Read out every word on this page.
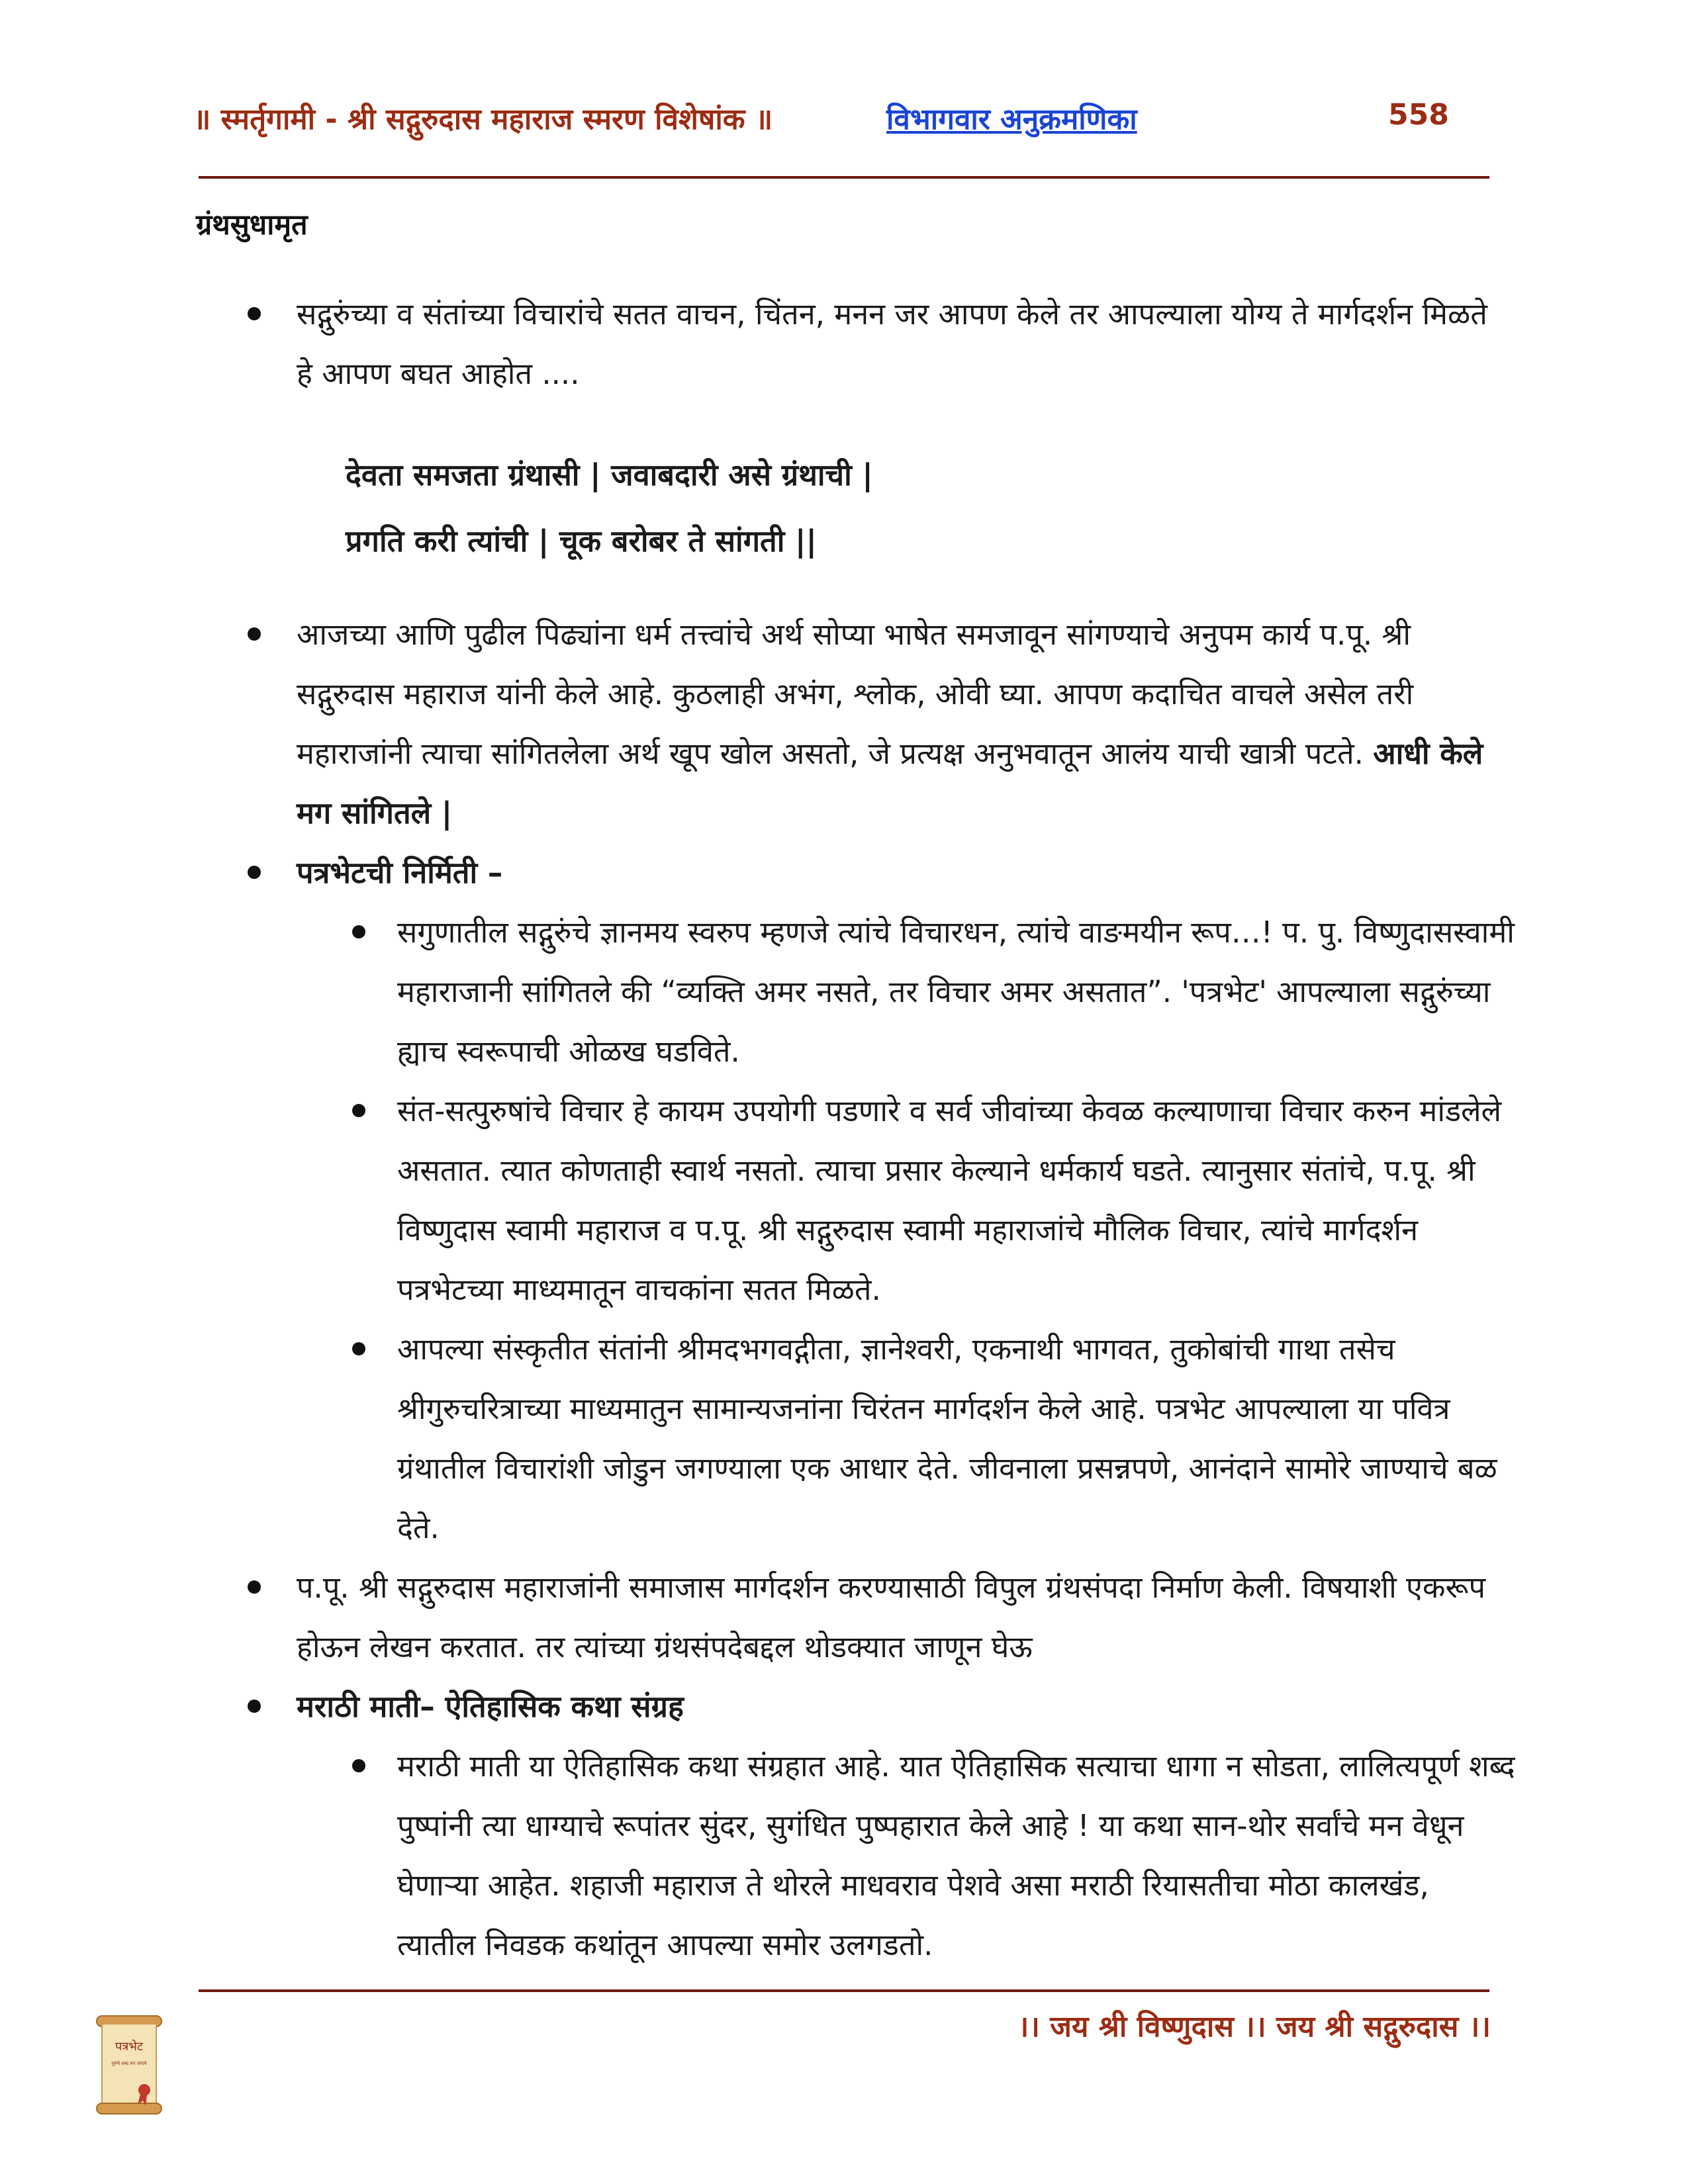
॥ स्मर्तृगामी - श्री सद्गुरुदास महाराज स्मरण विशेषांक ॥	विभागवार अनुक्रमणिका	558
ग्रंथसुधामृत

सद्गुरुंच्या व संतांच्या विचारांचे सतत वाचन, चिंतन, मनन जर आपण केले तर आपल्याला योग्य ते मार्गदर्शन मिळते हे आपण बघत आहोत ....

देवता समजता ग्रंथासी | जवाबदारी असे ग्रंथाची |
प्रगति करी त्यांची | चूक बरोबर ते सांगती ||

आजच्या आणि पुढील पिढ्यांना धर्म तत्त्वांचे अर्थ सोप्या भाषेत समजावून सांगण्याचे अनुपम कार्य प.पू. श्री सद्गुरुदास महाराज यांनी केले आहे. कुठलाही अभंग, श्लोक, ओवी घ्या. आपण कदाचित वाचले असेल तरी महाराजांनी त्याचा सांगितलेला अर्थ खूप खोल असतो, जे प्रत्यक्ष अनुभवातून आलंय याची खात्री पटते. आधी केले मग सांगितले |

पत्रभेटची निर्मिती –

सगुणातील सद्गुरुंचे ज्ञानमय स्वरुप म्हणजे त्यांचे विचारधन, त्यांचे वाङमयीन रूप…! प. पु. विष्णुदासस्वामी महाराजानी सांगितले की “व्यक्ति अमर नसते, तर विचार अमर असतात”. 'पत्रभेट' आपल्याला सद्गुरुंच्या ह्याच स्वरूपाची ओळख घडविते.

संत-सत्पुरुषांचे विचार हे कायम उपयोगी पडणारे व सर्व जीवांच्या केवळ कल्याणाचा विचार करुन मांडलेले असतात. त्यात कोणताही स्वार्थ नसतो. त्याचा प्रसार केल्याने धर्मकार्य घडते. त्यानुसार संतांचे, प.पू. श्री विष्णुदास स्वामी महाराज व प.पू. श्री सद्गुरुदास स्वामी महाराजांचे मौलिक विचार, त्यांचे मार्गदर्शन पत्रभेटच्या माध्यमातून वाचकांना सतत मिळते.

आपल्या संस्कृतीत संतांनी श्रीमदभगवद्गीता, ज्ञानेश्वरी, एकनाथी भागवत, तुकोबांची गाथा तसेच श्रीगुरुचरित्राच्या माध्यमातुन सामान्यजनांना चिरंतन मार्गदर्शन केले आहे. पत्रभेट आपल्याला या पवित्र ग्रंथातील विचारांशी जोडुन जगण्याला एक आधार देते. जीवनाला प्रसन्नपणे, आनंदाने सामोरे जाण्याचे बळ देते.

प.पू. श्री सद्गुरुदास महाराजांनी समाजास मार्गदर्शन करण्यासाठी विपुल ग्रंथसंपदा निर्माण केली. विषयाशी एकरूप होऊन लेखन करतात. तर त्यांच्या ग्रंथसंपदेबद्दल थोडक्यात जाणून घेऊ

मराठी माती– ऐतिहासिक कथा संग्रह

मराठी माती या ऐतिहासिक कथा संग्रहात आहे. यात ऐतिहासिक सत्याचा धागा न सोडता, लालित्यपूर्ण शब्द पुष्पांनी त्या धाग्याचे रूपांतर सुंदर, सुगंधित पुष्पहारात केले आहे ! या कथा सान-थोर सर्वांचे मन वेधून घेणाऱ्या आहेत. शहाजी महाराज ते थोरले माधवराव पेशवे असा मराठी रियासतीचा मोठा कालखंड, त्यातील निवडक कथांतून आपल्या समोर उलगडतो.

।। जय श्री विष्णुदास ।। जय श्री सद्गुरुदास ।।
पत्रभेट
गुरुंचे शब्द मन जपावे
